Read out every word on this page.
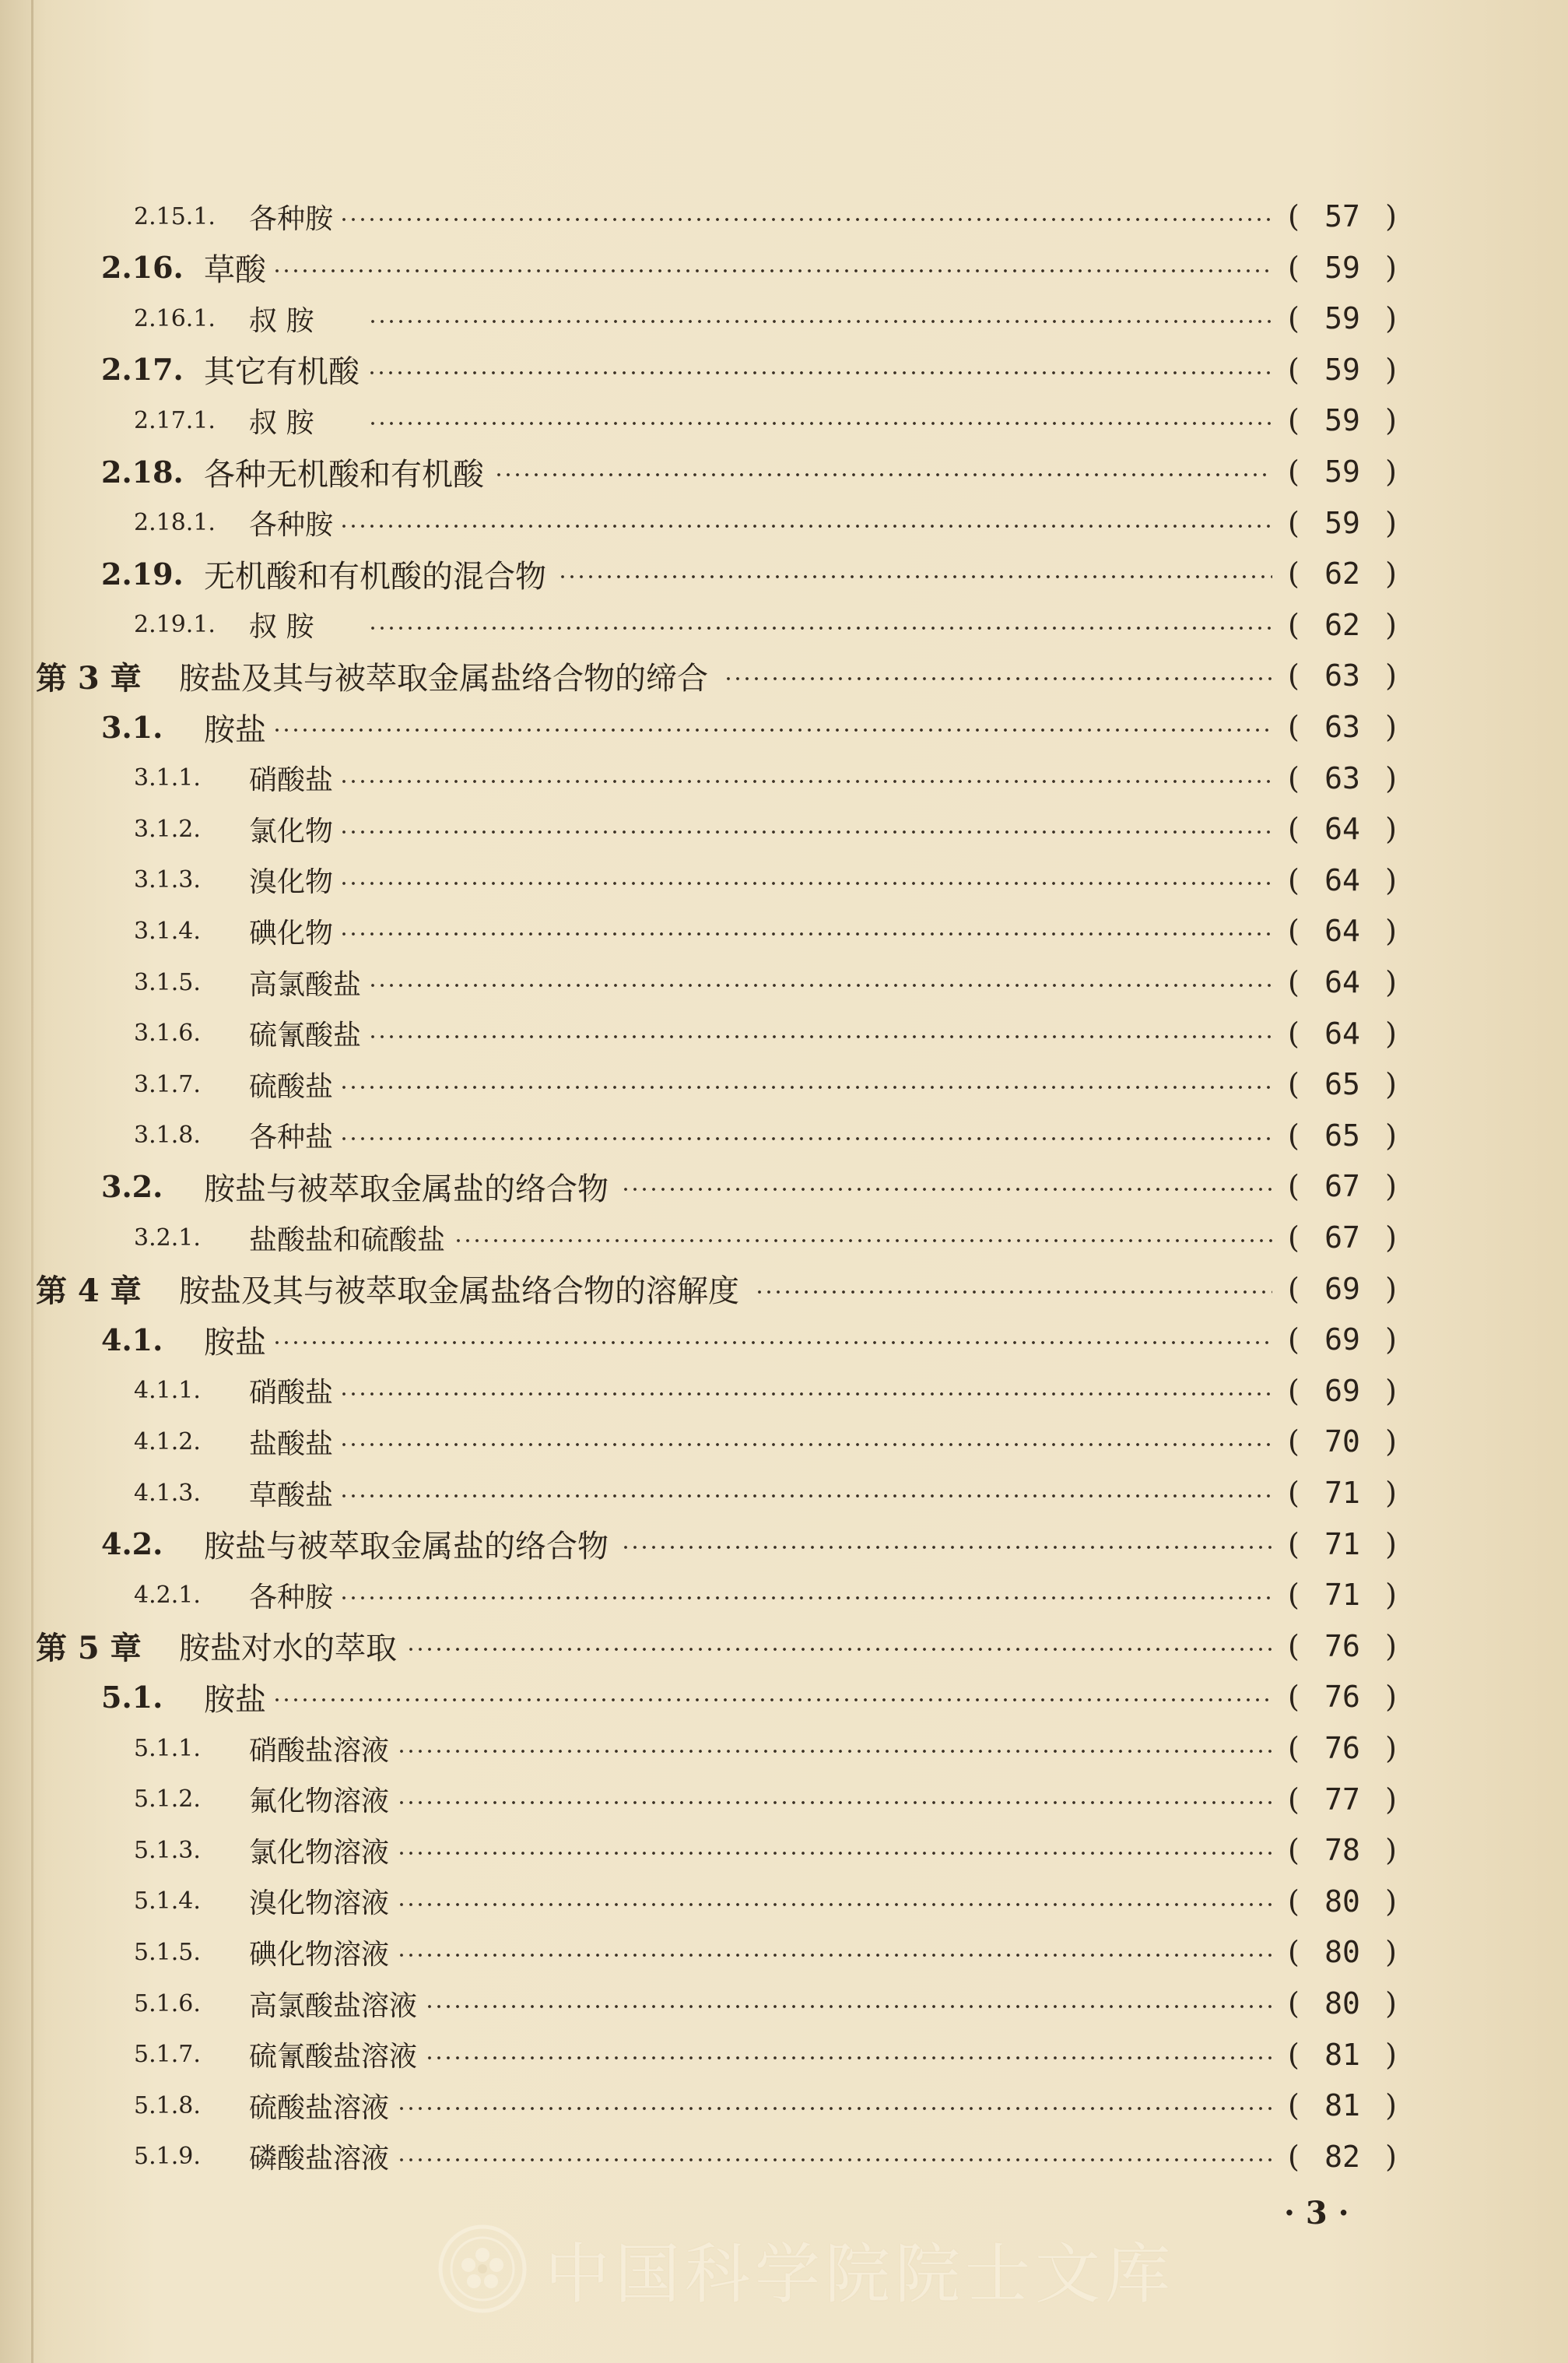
2.15.1. 各种胺	( 57 )
2.16. 草酸	( 59 )
2.16.1. 叔 胺	( 59 )
2.17. 其它有机酸	( 59 )
2.17.1. 叔 胺	( 59 )
2.18. 各种无机酸和有机酸	( 59 )
2.18.1. 各种胺	( 59 )
2.19. 无机酸和有机酸的混合物	( 62 )
2.19.1. 叔 胺	( 62 )
第 3 章 胺盐及其与被萃取金属盐络合物的缔合	( 63 )
3.1. 胺盐	( 63 )
3.1.1. 硝酸盐	( 63 )
3.1.2. 氯化物	( 64 )
3.1.3. 溴化物	( 64 )
3.1.4. 碘化物	( 64 )
3.1.5. 高氯酸盐	( 64 )
3.1.6. 硫氰酸盐	( 64 )
3.1.7. 硫酸盐	( 65 )
3.1.8. 各种盐	( 65 )
3.2. 胺盐与被萃取金属盐的络合物	( 67 )
3.2.1. 盐酸盐和硫酸盐	( 67 )
第 4 章 胺盐及其与被萃取金属盐络合物的溶解度	( 69 )
4.1. 胺盐	( 69 )
4.1.1. 硝酸盐	( 69 )
4.1.2. 盐酸盐	( 70 )
4.1.3. 草酸盐	( 71 )
4.2. 胺盐与被萃取金属盐的络合物	( 71 )
4.2.1. 各种胺	( 71 )
第 5 章 胺盐对水的萃取	( 76 )
5.1. 胺盐	( 76 )
5.1.1. 硝酸盐溶液	( 76 )
5.1.2. 氟化物溶液	( 77 )
5.1.3. 氯化物溶液	( 78 )
5.1.4. 溴化物溶液	( 80 )
5.1.5. 碘化物溶液	( 80 )
5.1.6. 高氯酸盐溶液	( 80 )
5.1.7. 硫氰酸盐溶液	( 81 )
5.1.8. 硫酸盐溶液	( 81 )
5.1.9. 磷酸盐溶液	( 82 )
· 3 ·
中国科学院院士文库
